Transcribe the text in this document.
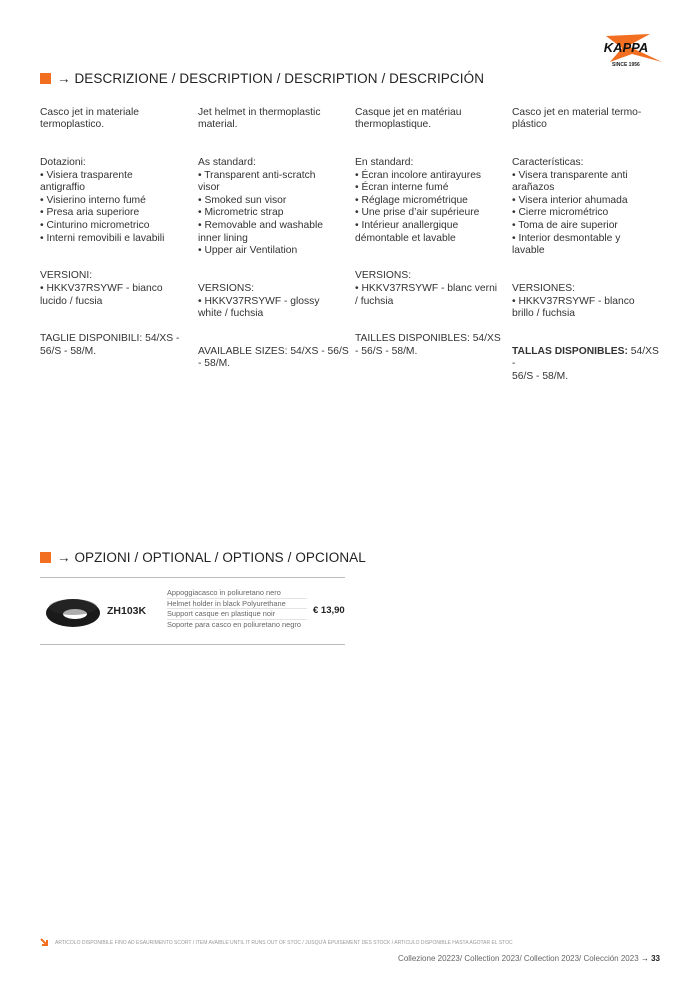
KAPPA
SINCE 1956
→ DESCRIZIONE / DESCRIPTION / DESCRIPTION / DESCRIPCIÓN

Casco jet in materiale
termoplastico.

Dotazioni:
• Visiera trasparente
antigraffio
• Visierino interno fumé
• Presa aria superiore
• Cinturino micrometrico
• Interni removibili e lavabili

VERSIONI:
• HKKV37RSYWF - bianco
lucido / fucsia

TAGLIE DISPONIBILI: 54/XS -
56/S - 58/M.

Jet helmet in thermoplastic
material.

As standard:
• Transparent anti-scratch
visor
• Smoked sun visor
• Micrometric strap
• Removable and washable
inner lining
• Upper air Ventilation

VERSIONS:
• HKKV37RSYWF - glossy
white / fuchsia

AVAILABLE SIZES: 54/XS - 56/S
- 58/M.

Casque jet en matériau
thermoplastique.

En standard:
• Écran incolore antirayures
• Écran interne fumé
• Réglage micrométrique
• Une prise d’air supérieure
• Intérieur anallergique
démontable et lavable

VERSIONS:
• HKKV37RSYWF - blanc verni
/ fuchsia

TAILLES DISPONIBLES: 54/XS
- 56/S - 58/M.

Casco jet en material termo-
plástico

Características:
• Visera transparente anti
arañazos
• Visera interior ahumada
• Cierre micrométrico
• Toma de aire superior
• Interior desmontable y
lavable

VERSIONES:
• HKKV37RSYWF - blanco
brillo / fuchsia

TALLAS DISPONIBLES: 54/XS -
56/S - 58/M.

→ OPZIONI / OPTIONAL / OPTIONS / OPCIONAL
ZH103K
Appoggiacasco in poliuretano nero
Helmet holder in black Polyurethane
Support casque en plastique noir
Soporte para casco en poliuretano negro
€ 13,90
ARTICOLO DISPONIBILE FINO AD ESAURIMENTO SCORT / ITEM AVAIBLE UNTIL IT RUNS OUT OF STOC / JUSQU'À ÉPUISEMENT DES STOCK / ARTICULO DISPONIBLE HASTA AGOTAR EL STOC
Collezione 20223/ Collection 2023/ Collection 2023/ Colección 2023 → 33
